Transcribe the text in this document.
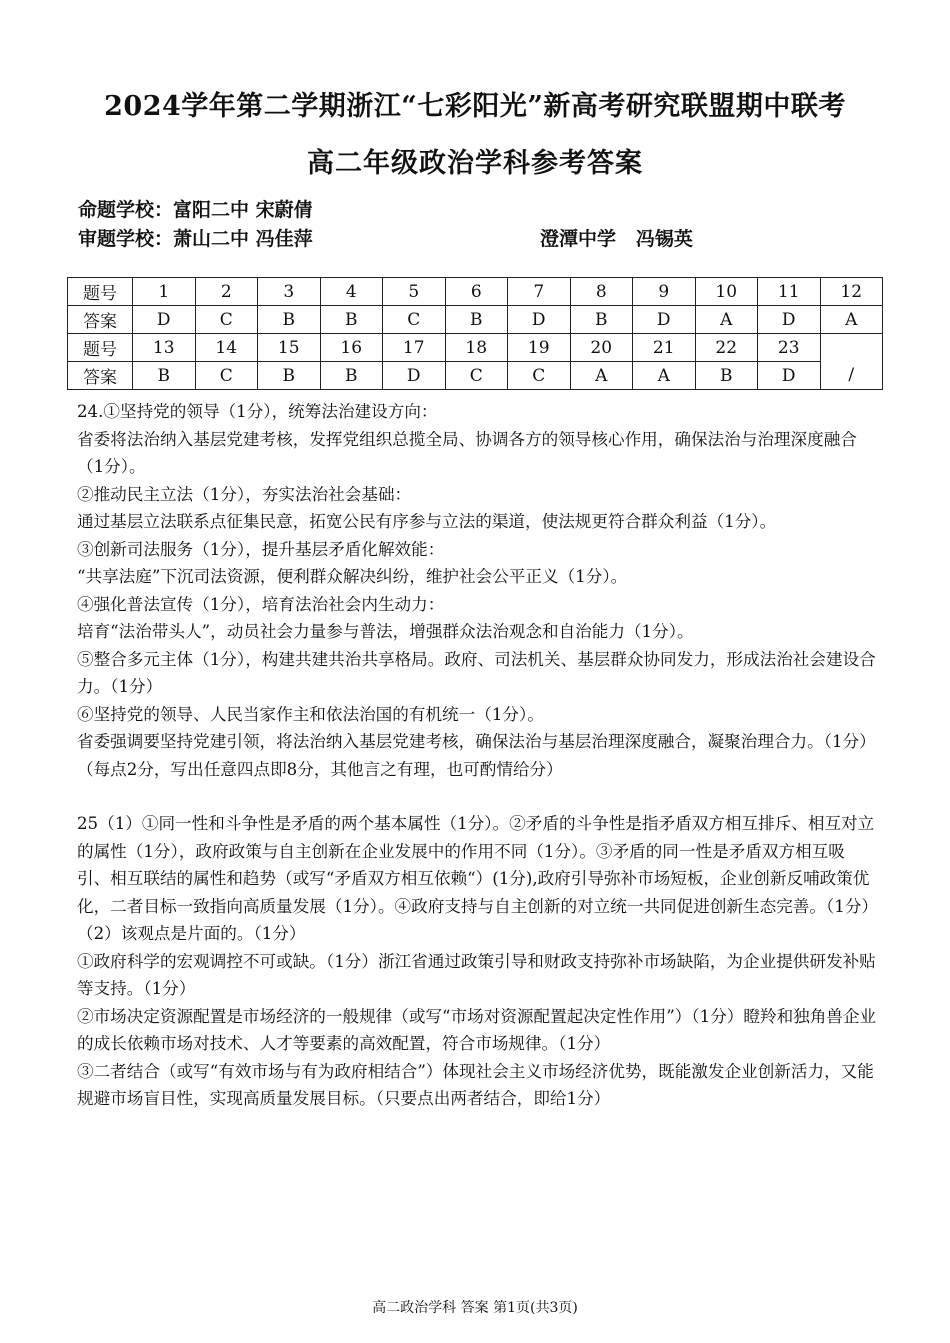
2024学年第二学期浙江“七彩阳光”新高考研究联盟期中联考
高二年级政治学科参考答案
命题学校：富阳二中 宋蔚倩
审题学校：萧山二中 冯佳萍	澄潭中学   冯锡英
题号	1	2	3	4	5	6	7	8	9	10	11	12
答案	D	C	B	B	C	B	D	B	D	A	D	A
题号	13	14	15	16	17	18	19	20	21	22	23	/
答案	B	C	B	B	D	C	C	A	A	B	D	

24.①坚持党的领导（1分），统筹法治建设方向：

省委将法治纳入基层党建考核，发挥党组织总揽全局、协调各方的领导核心作用，确保法治与治理深度融合（1分）。

②推动民主立法（1分），夯实法治社会基础：

通过基层立法联系点征集民意，拓宽公民有序参与立法的渠道，使法规更符合群众利益（1分）。

③创新司法服务（1分），提升基层矛盾化解效能：

“共享法庭”下沉司法资源，便利群众解决纠纷，维护社会公平正义（1分）。

④强化普法宣传（1分），培育法治社会内生动力：

培育“法治带头人”，动员社会力量参与普法，增强群众法治观念和自治能力（1分）。

⑤整合多元主体（1分），构建共建共治共享格局。政府、司法机关、基层群众协同发力，形成法治社会建设合力。（1分）

⑥坚持党的领导、人民当家作主和依法治国的有机统一（1分）。

省委强调要坚持党建引领，将法治纳入基层党建考核，确保法治与基层治理深度融合，凝聚治理合力。（1分）

（每点2分，写出任意四点即8分，其他言之有理，也可酌情给分）

25（1）①同一性和斗争性是矛盾的两个基本属性（1分）。②矛盾的斗争性是指矛盾双方相互排斥、相互对立的属性（1分），政府政策与自主创新在企业发展中的作用不同（1分）。③矛盾的同一性是矛盾双方相互吸引、相互联结的属性和趋势（或写“矛盾双方相互依赖“）(1分),政府引导弥补市场短板，企业创新反哺政策优化，二者目标一致指向高质量发展（1分）。④政府支持与自主创新的对立统一共同促进创新生态完善。（1分）

（2）该观点是片面的。（1分）

①政府科学的宏观调控不可或缺。（1分）浙江省通过政策引导和财政支持弥补市场缺陷，为企业提供研发补贴等支持。（1分）

②市场决定资源配置是市场经济的一般规律（或写“市场对资源配置起决定性作用”）（1分）瞪羚和独角兽企业的成长依赖市场对技术、人才等要素的高效配置，符合市场规律。（1分）

③二者结合（或写“有效市场与有为政府相结合”）体现社会主义市场经济优势，既能激发企业创新活力，又能规避市场盲目性，实现高质量发展目标。（只要点出两者结合，即给1分）

高二政治学科 答案 第1页(共3页)
